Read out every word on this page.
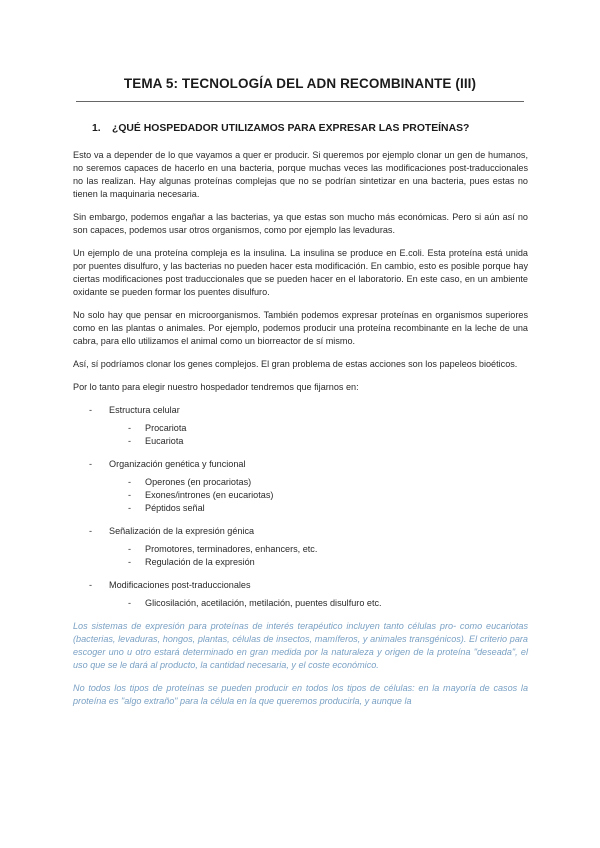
TEMA 5: TECNOLOGÍA DEL ADN RECOMBINANTE (III)
1. ¿QUÉ HOSPEDADOR UTILIZAMOS PARA EXPRESAR LAS PROTEÍNAS?

Esto va a depender de lo que vayamos a quer er producir. Si queremos por ejemplo clonar un gen de humanos, no seremos capaces de hacerlo en una bacteria, porque muchas veces las modificaciones post-traduccionales no las realizan. Hay algunas proteínas complejas que no se podrían sintetizar en una bacteria, pues estas no tienen la maquinaria necesaria.

Sin embargo, podemos engañar a las bacterias, ya que estas son mucho más económicas. Pero si aún así no son capaces, podemos usar otros organismos, como por ejemplo las levaduras.

Un ejemplo de una proteína compleja es la insulina. La insulina se produce en E.coli. Esta proteína está unida por puentes disulfuro, y las bacterias no pueden hacer esta modificación. En cambio, esto es posible porque hay ciertas modificaciones post traduccionales que se pueden hacer en el laboratorio. En este caso, en un ambiente oxidante se pueden formar los puentes disulfuro.

No solo hay que pensar en microorganismos. También podemos expresar proteínas en organismos superiores como en las plantas o animales. Por ejemplo, podemos producir una proteína recombinante en la leche de una cabra, para ello utilizamos el animal como un biorreactor de sí mismo.

Así, sí podríamos clonar los genes complejos. El gran problema de estas acciones son los papeleos bioéticos.

Por lo tanto para elegir nuestro hospedador tendremos que fijarnos en:

- Estructura celular
- Procariota
- Eucariota
- Organización genética y funcional
- Operones (en procariotas)
- Exones/intrones (en eucariotas)
- Péptidos señal
- Señalización de la expresión génica
- Promotores, terminadores, enhancers, etc.
- Regulación de la expresión
- Modificaciones post-traduccionales
- Glicosilación, acetilación, metilación, puentes disulfuro etc.

Los sistemas de expresión para proteínas de interés terapéutico incluyen tanto células pro- como eucariotas (bacterias, levaduras, hongos, plantas, células de insectos, mamíferos, y animales transgénicos). El criterio para escoger uno u otro estará determinado en gran medida por la naturaleza y origen de la proteína "deseada", el uso que se le dará al producto, la cantidad necesaria, y el coste económico.

No todos los tipos de proteínas se pueden producir en todos los tipos de células: en la mayoría de casos la proteína es "algo extraño" para la célula en la que queremos producirla, y aunque la
